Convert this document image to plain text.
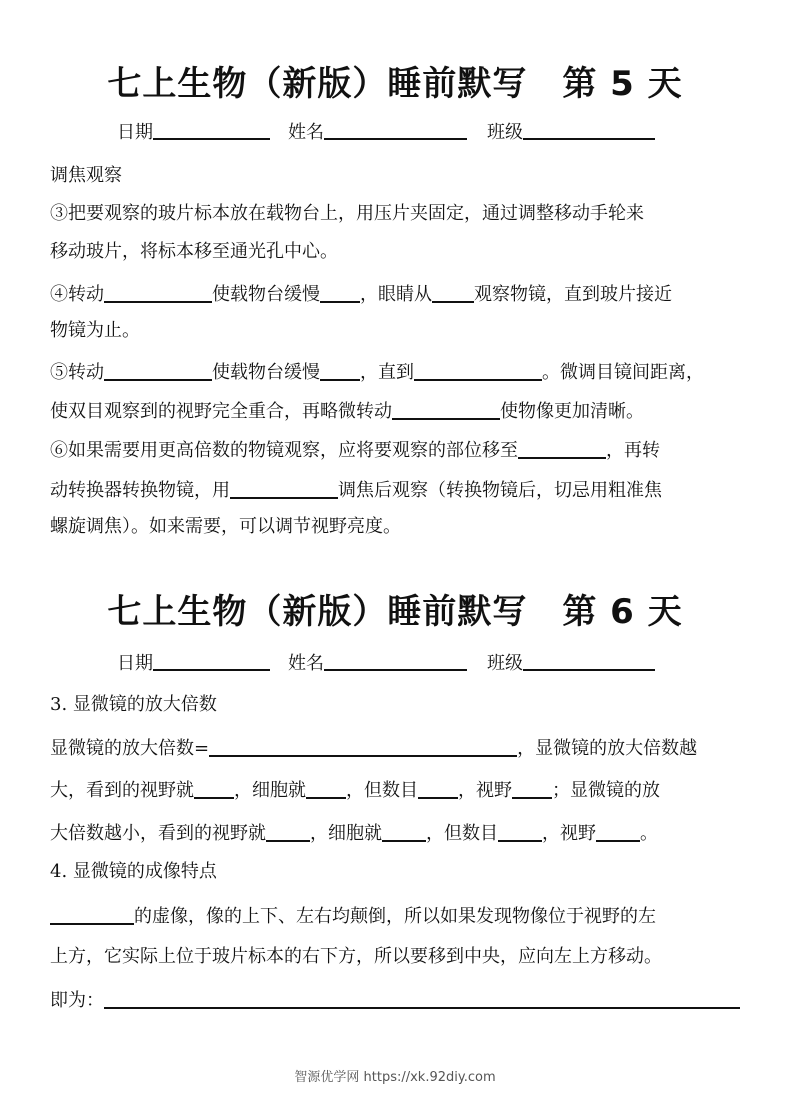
七上生物（新版）睡前默写　第 5 天
日期	姓名	班级
调焦观察
③把要观察的玻片标本放在载物台上，用压片夹固定，通过调整移动手轮来
移动玻片，将标本移至通光孔中心。
④转动	使载物台缓慢 ，眼睛从 观察物镜，直到玻片接近
物镜为止。
⑤转动	使载物台缓慢 ，直到	。微调目镜间距离，
使双目观察到的视野完全重合，再略微转动	使物像更加清晰。
⑥如果需要用更高倍数的物镜观察，应将要观察的部位移至	，再转
动转换器转换物镜，用	调焦后观察（转换物镜后，切忌用粗准焦
螺旋调焦）。如来需要，可以调节视野亮度。
七上生物（新版）睡前默写　第 6 天
日期	姓名	班级
3. 显微镜的放大倍数
显微镜的放大倍数=	，显微镜的放大倍数越
大，看到的视野就 ，细胞就 ，但数目 ，视野 ；显微镜的放
大倍数越小，看到的视野就 ，细胞就 ，但数目 ，视野 。
4. 显微镜的成像特点
的虚像，像的上下、左右均颠倒，所以如果发现物像位于视野的左
上方，它实际上位于玻片标本的右下方，所以要移到中央，应向左上方移动。
即为：
智源优学网 https://xk.92diy.com
